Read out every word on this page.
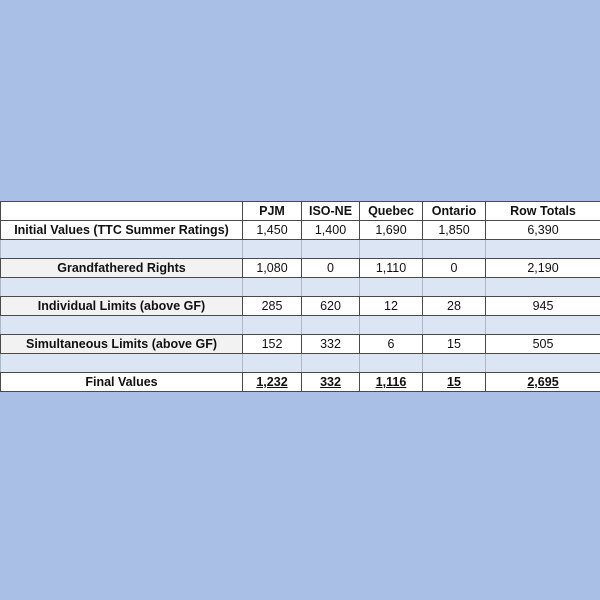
	PJM	ISO-NE	Quebec	Ontario	Row Totals
Initial Values (TTC Summer Ratings)	1,450	1,400	1,690	1,850	6,390

Grandfathered Rights	1,080	0	1,110	0	2,190

Individual Limits (above GF)	285	620	12	28	945

Simultaneous Limits (above GF)	152	332	6	15	505

Final Values	1,232	332	1,116	15	2,695
